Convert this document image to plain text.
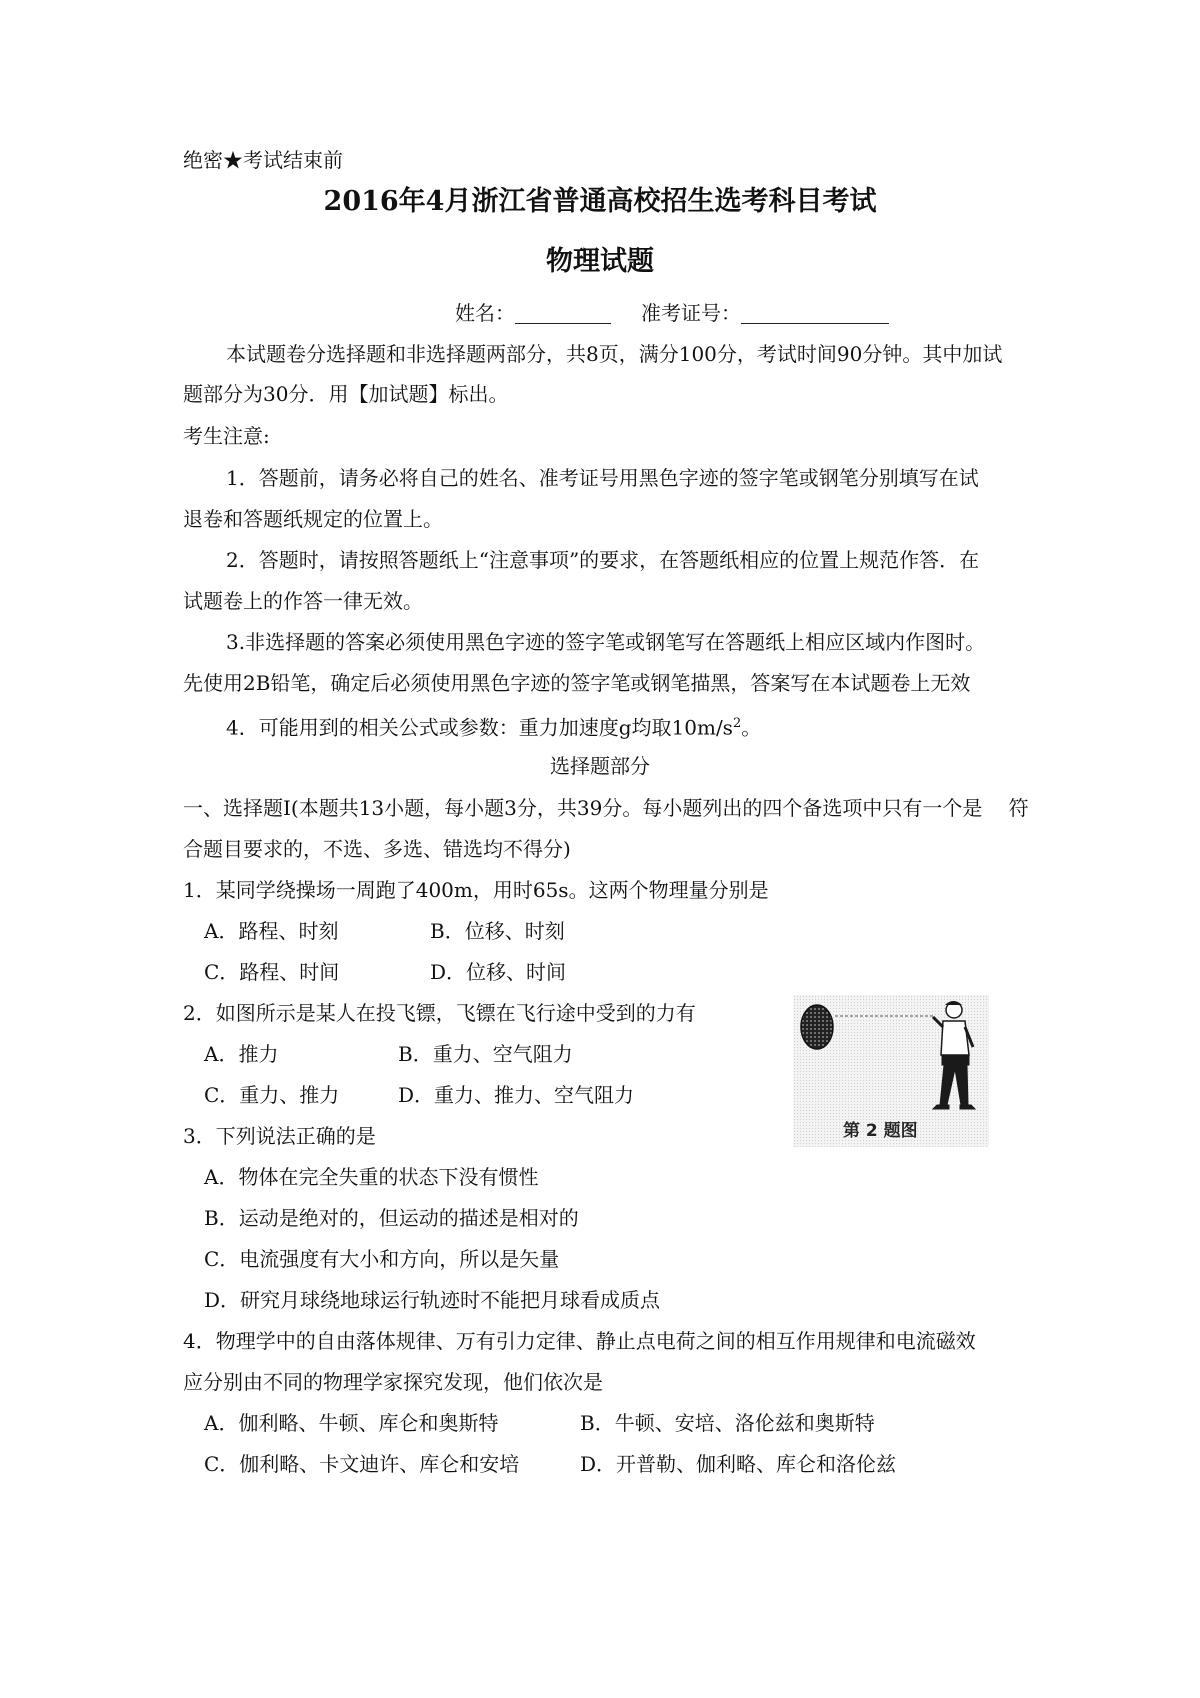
绝密★考试结束前
2016年4月浙江省普通高校招生选考科目考试
物理试题
姓名：	准考证号：
本试题卷分选择题和非选择题两部分，共8页，满分100分，考试时间90分钟。其中加试
题部分为30分．用【加试题】标出。
考生注意:
1．答题前，请务必将自己的姓名、准考证号用黑色字迹的签字笔或钢笔分别填写在试
退卷和答题纸规定的位置上。
2．答题时，请按照答题纸上“注意事项”的要求，在答题纸相应的位置上规范作答．在
试题卷上的作答一律无效。
3.非选择题的答案必须使用黑色字迹的签字笔或钢笔写在答题纸上相应区域内作图时。
先使用2B铅笔，确定后必须使用黑色字迹的签字笔或钢笔描黑，答案写在本试题卷上无效
4．可能用到的相关公式或参数：重力加速度g均取$10m/s^2$。
选择题部分
一、选择题I(本题共13小题，每小题3分，共39分。每小题列出的四个备选项中只有一个是　 符
合题目要求的，不选、多选、错选均不得分)
1．某同学绕操场一周跑了400m，用时65s。这两个物理量分别是
A．路程、时刻	B．位移、时刻
C．路程、时间	D．位移、时间
2．如图所示是某人在投飞镖，飞镖在飞行途中受到的力有
A．推力	B．重力、空气阻力
C．重力、推力	D．重力、推力、空气阻力
第 2 题图
3．下列说法正确的是
A．物体在完全失重的状态下没有惯性
B．运动是绝对的，但运动的描述是相对的
C．电流强度有大小和方向，所以是矢量
D．研究月球绕地球运行轨迹时不能把月球看成质点
4．物理学中的自由落体规律、万有引力定律、静止点电荷之间的相互作用规律和电流磁效
应分别由不同的物理学家探究发现，他们依次是
A．伽利略、牛顿、库仑和奥斯特	B．牛顿、安培、洛伦兹和奥斯特
C．伽利略、卡文迪许、库仑和安培	D．开普勒、伽利略、库仑和洛伦兹
